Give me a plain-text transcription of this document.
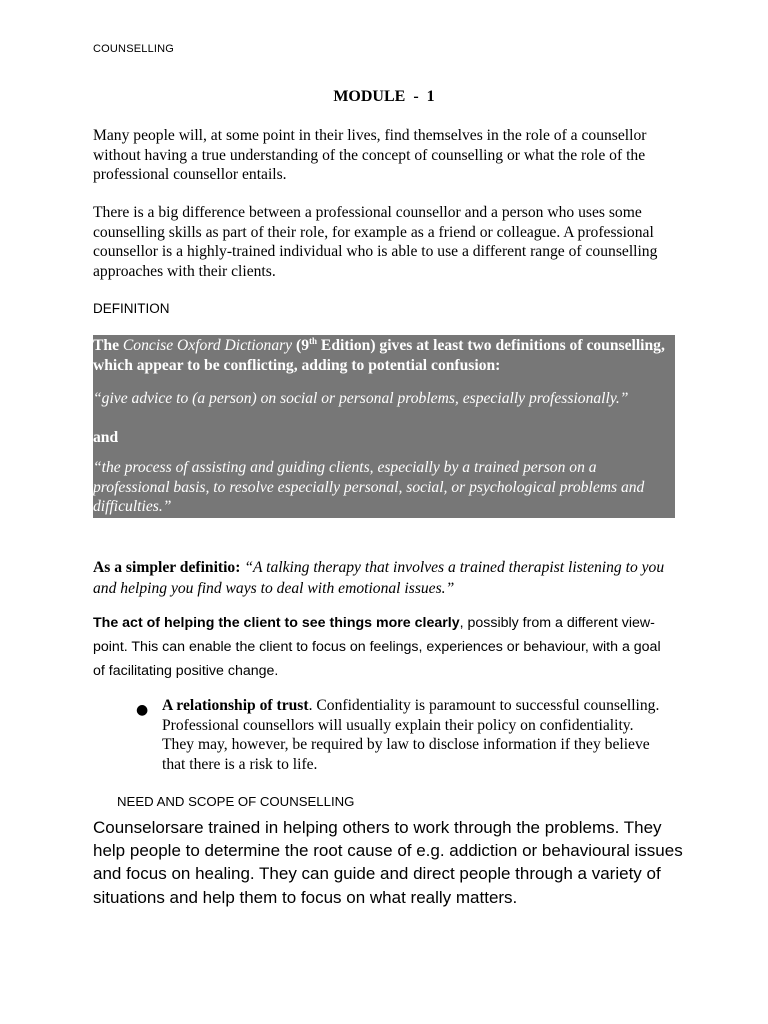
COUNSELLING
MODULE  -  1

Many people will, at some point in their lives, find themselves in the role of a counsellor without having a true understanding of the concept of counselling or what the role of the professional counsellor entails.

There is a big difference between a professional counsellor and a person who uses some counselling skills as part of their role, for example as a friend or colleague. A professional counsellor is a highly-trained individual who is able to use a different range of counselling approaches with their clients.

DEFINITION
The Concise Oxford Dictionary (9th Edition) gives at least two definitions of counselling, which appear to be conflicting, adding to potential confusion:
“give advice to (a person) on social or personal problems, especially professionally.”
and
“the process of assisting and guiding clients, especially by a trained person on a professional basis, to resolve especially personal, social, or psychological problems and difficulties.”
As a simpler definitio: “A talking therapy that involves a trained therapist listening to you and helping you find ways to deal with emotional issues.”
The act of helping the client to see things more clearly, possibly from a different view-point. This can enable the client to focus on feelings, experiences or behaviour, with a goal of facilitating positive change.
● A relationship of trust. Confidentiality is paramount to successful counselling. Professional counsellors will usually explain their policy on confidentiality. They may, however, be required by law to disclose information if they believe that there is a risk to life.
NEED AND SCOPE OF COUNSELLING
Counselorsare trained in helping others to work through the problems. They help people to determine the root cause of e.g. addiction or behavioural issues and focus on healing. They can guide and direct people through a variety of situations and help them to focus on what really matters.
